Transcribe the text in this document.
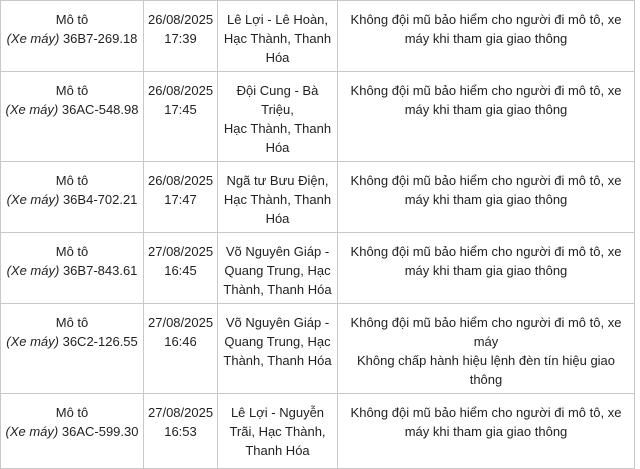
Mô tô
(Xe máy) 36B7-269.18	26/08/2025
17:39	Lê Lợi - Lê Hoàn,
Hạc Thành, Thanh
Hóa	Không đội mũ bảo hiểm cho người đi mô tô, xe
máy khi tham gia giao thông

Mô tô
(Xe máy) 36AC-548.98	26/08/2025
17:45	Đội Cung - Bà Triệu,
Hạc Thành, Thanh
Hóa	Không đội mũ bảo hiểm cho người đi mô tô, xe
máy khi tham gia giao thông

Mô tô
(Xe máy) 36B4-702.21	26/08/2025
17:47	Ngã tư Bưu Điện,
Hạc Thành, Thanh
Hóa	Không đội mũ bảo hiểm cho người đi mô tô, xe
máy khi tham gia giao thông

Mô tô
(Xe máy) 36B7-843.61	27/08/2025
16:45	Võ Nguyên Giáp -
Quang Trung, Hạc
Thành, Thanh Hóa	Không đội mũ bảo hiểm cho người đi mô tô, xe
máy khi tham gia giao thông

Mô tô
(Xe máy) 36C2-126.55	27/08/2025
16:46	Võ Nguyên Giáp -
Quang Trung, Hạc
Thành, Thanh Hóa	Không đội mũ bảo hiểm cho người đi mô tô, xe
máy
Không chấp hành hiệu lệnh đèn tín hiệu giao thông

Mô tô
(Xe máy) 36AC-599.30	27/08/2025
16:53	Lê Lợi - Nguyễn
Trãi, Hạc Thành,
Thanh Hóa	Không đội mũ bảo hiểm cho người đi mô tô, xe
máy khi tham gia giao thông
